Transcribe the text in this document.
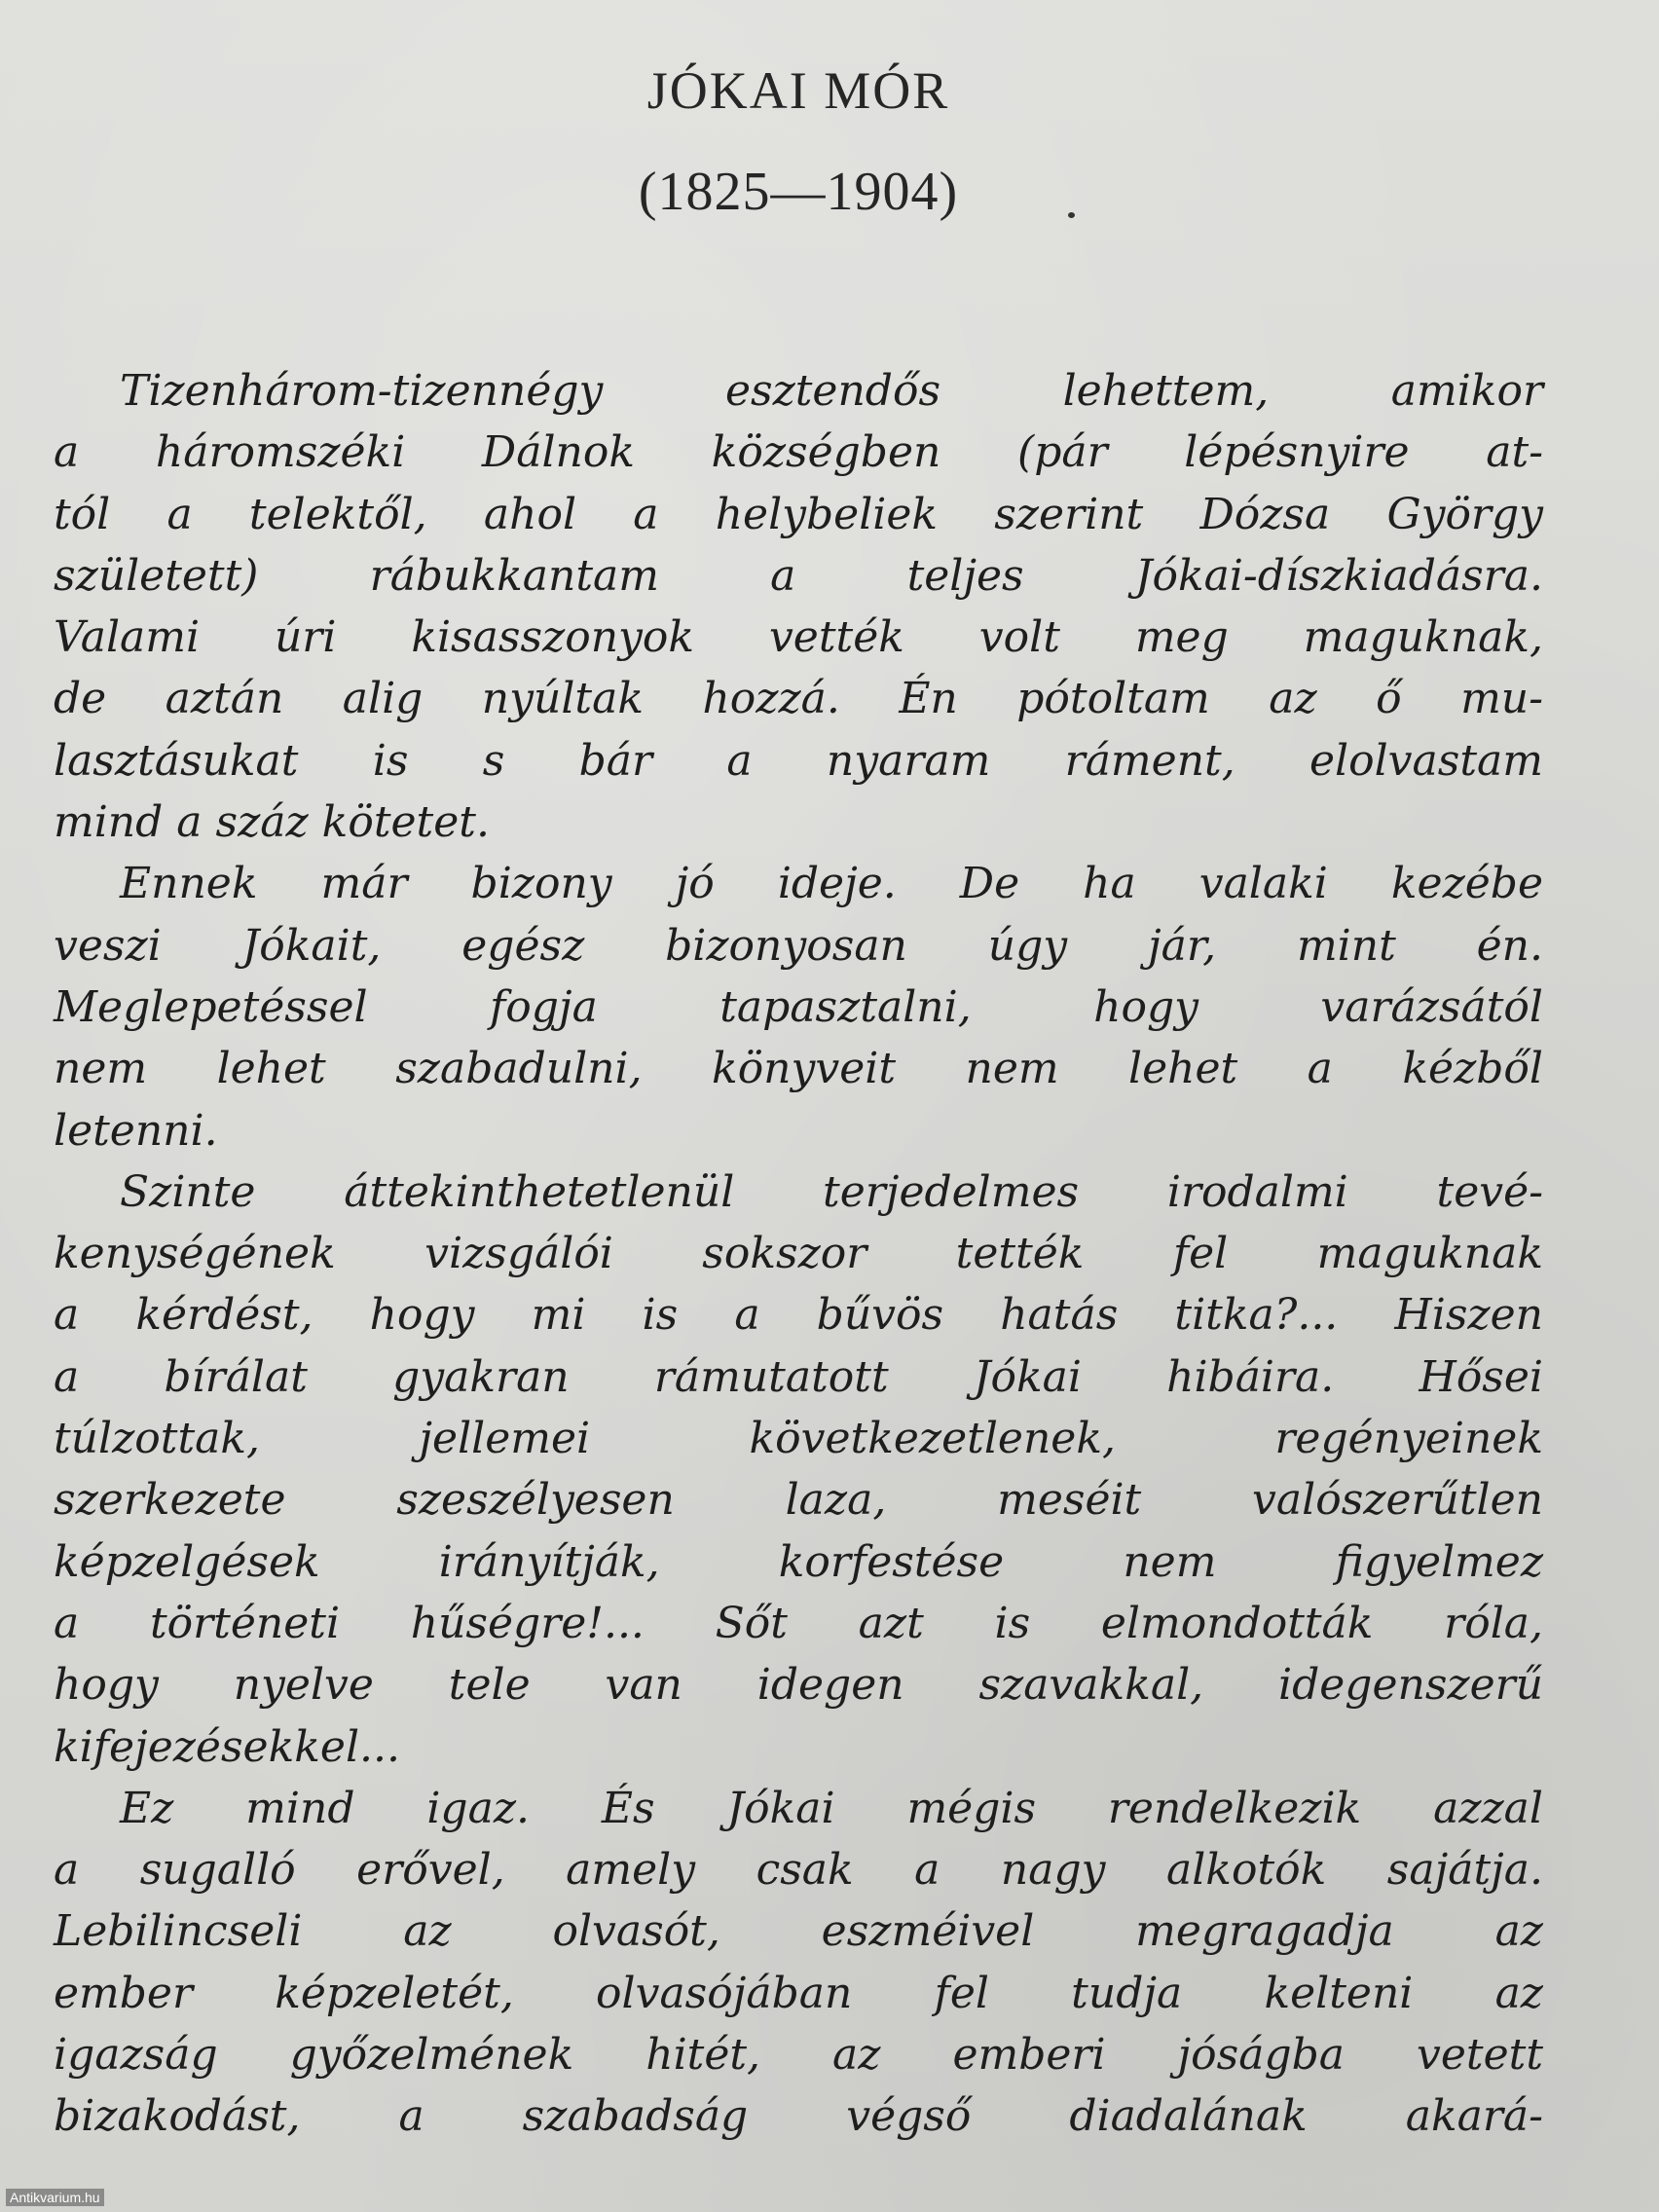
JÓKAI MÓR
(1825—1904)
Tizenhárom-tizennégy esztendős lehettem, amikor
a háromszéki Dálnok községben (pár lépésnyire at-
tól a telektől, ahol a helybeliek szerint Dózsa György
született) rábukkantam a teljes Jókai-díszkiadásra.
Valami úri kisasszonyok vették volt meg maguknak,
de aztán alig nyúltak hozzá. Én pótoltam az ő mu-
lasztásukat is s bár a nyaram ráment, elolvastam
mind a száz kötetet.
Ennek már bizony jó ideje. De ha valaki kezébe
veszi Jókait, egész bizonyosan úgy jár, mint én.
Meglepetéssel fogja tapasztalni, hogy varázsától
nem lehet szabadulni, könyveit nem lehet a kézből
letenni.
Szinte áttekinthetetlenül terjedelmes irodalmi tevé-
kenységének vizsgálói sokszor tették fel maguknak
a kérdést, hogy mi is a bűvös hatás titka?... Hiszen
a bírálat gyakran rámutatott Jókai hibáira. Hősei
túlzottak, jellemei következetlenek, regényeinek
szerkezete szeszélyesen laza, meséit valószerűtlen
képzelgések irányítják, korfestése nem figyelmez
a történeti hűségre!... Sőt azt is elmondották róla,
hogy nyelve tele van idegen szavakkal, idegenszerű
kifejezésekkel...
Ez mind igaz. És Jókai mégis rendelkezik azzal
a sugalló erővel, amely csak a nagy alkotók sajátja.
Lebilincseli az olvasót, eszméivel megragadja az
ember képzeletét, olvasójában fel tudja kelteni az
igazság győzelmének hitét, az emberi jóságba vetett
bizakodást, a szabadság végső diadalának akará-
Antikvarium.hu
